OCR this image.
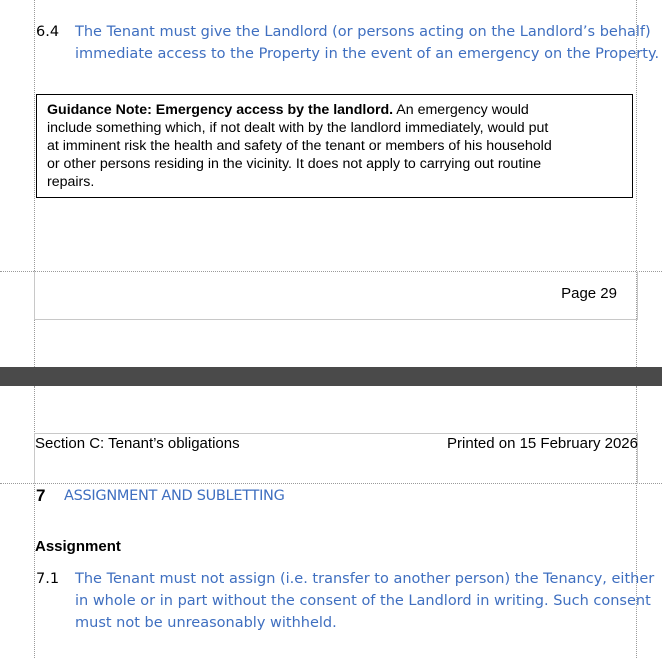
6.4 The Tenant must give the Landlord (or persons acting on the Landlord’s behalf)
immediate access to the Property in the event of an emergency on the Property.
Guidance Note: Emergency access by the landlord. An emergency would
include something which, if not dealt with by the landlord immediately, would put
at imminent risk the health and safety of the tenant or members of his household
or other persons residing in the vicinity. It does not apply to carrying out routine
repairs.
Page 29
Section C: Tenant’s obligations	Printed on 15 February 2026
7 ASSIGNMENT AND SUBLETTING
Assignment
7.1 The Tenant must not assign (i.e. transfer to another person) the Tenancy, either
in whole or in part without the consent of the Landlord in writing. Such consent
must not be unreasonably withheld.
